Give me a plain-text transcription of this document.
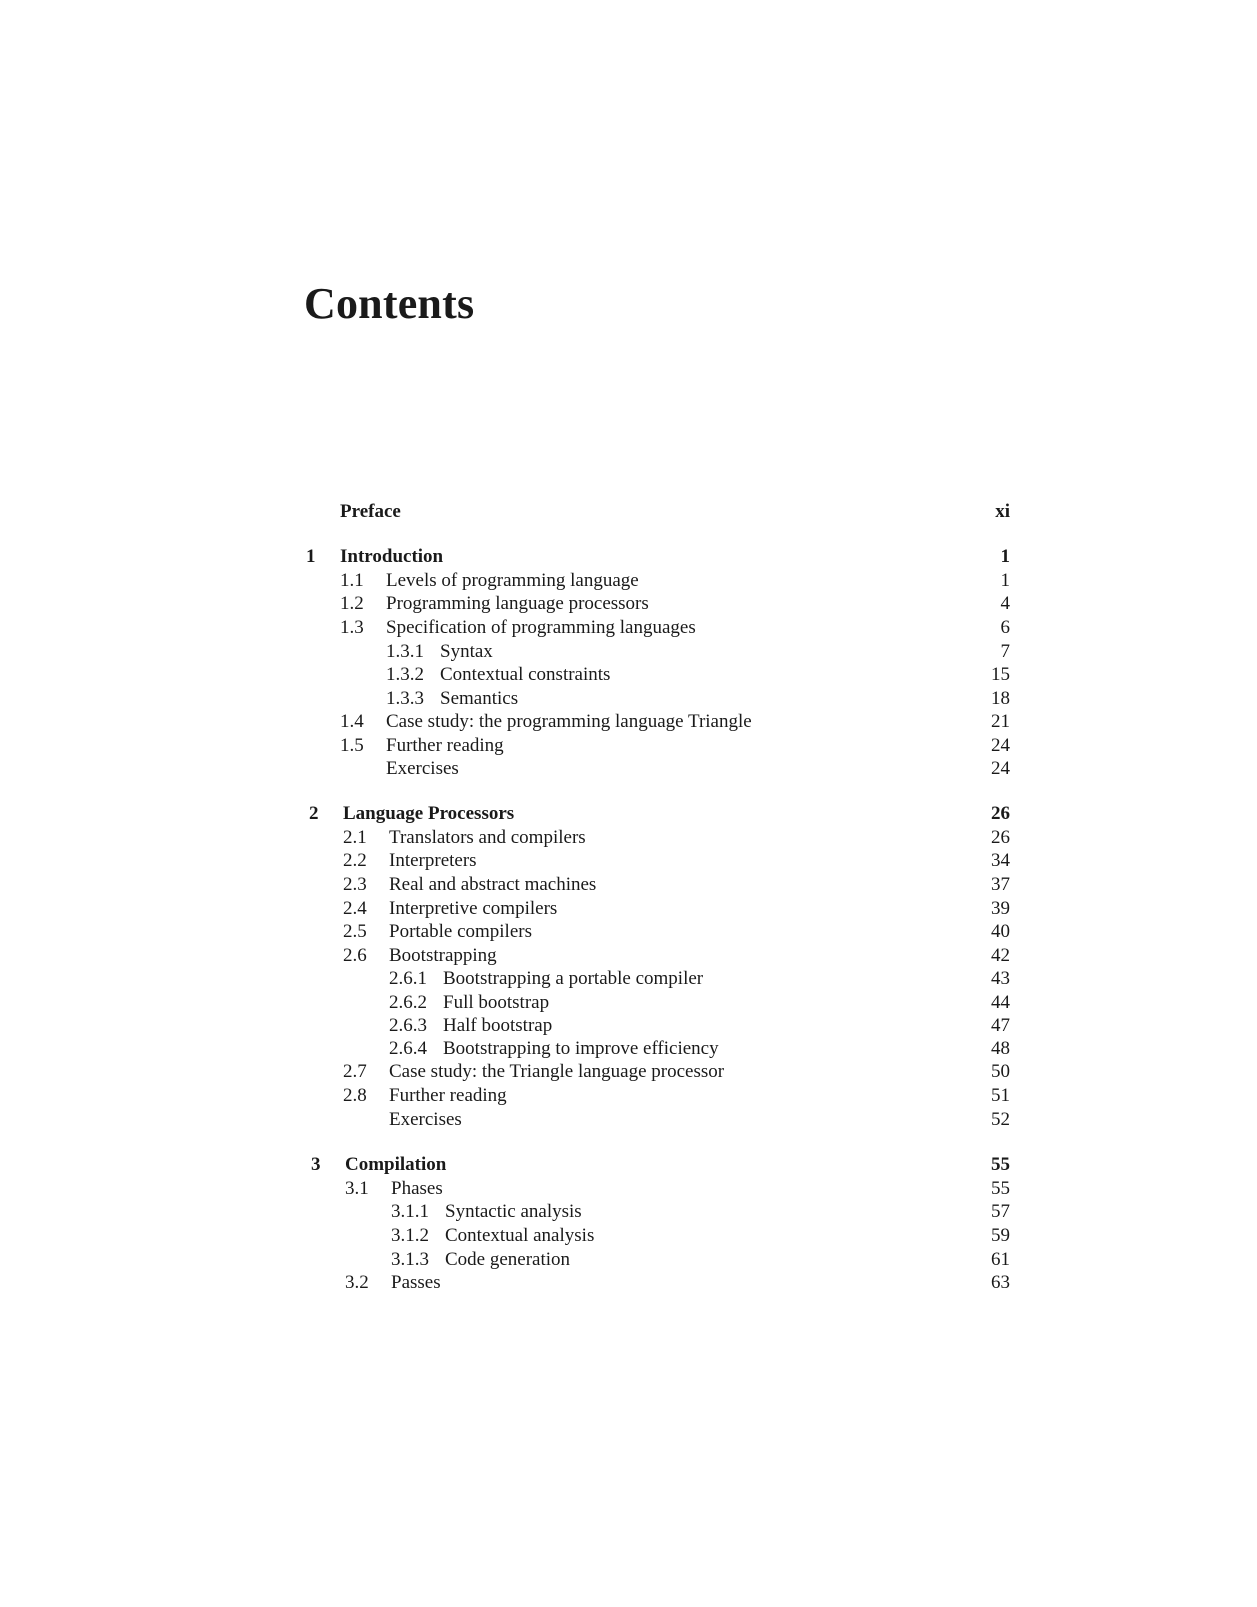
Contents
Preface	xi
1 Introduction	1
1.1 Levels of programming language	1
1.2 Programming language processors	4
1.3 Specification of programming languages	6
1.3.1 Syntax	7
1.3.2 Contextual constraints	15
1.3.3 Semantics	18
1.4 Case study: the programming language Triangle	21
1.5 Further reading	24
Exercises	24
2 Language Processors	26
2.1 Translators and compilers	26
2.2 Interpreters	34
2.3 Real and abstract machines	37
2.4 Interpretive compilers	39
2.5 Portable compilers	40
2.6 Bootstrapping	42
2.6.1 Bootstrapping a portable compiler	43
2.6.2 Full bootstrap	44
2.6.3 Half bootstrap	47
2.6.4 Bootstrapping to improve efficiency	48
2.7 Case study: the Triangle language processor	50
2.8 Further reading	51
Exercises	52
3 Compilation	55
3.1 Phases	55
3.1.1 Syntactic analysis	57
3.1.2 Contextual analysis	59
3.1.3 Code generation	61
3.2 Passes	63
